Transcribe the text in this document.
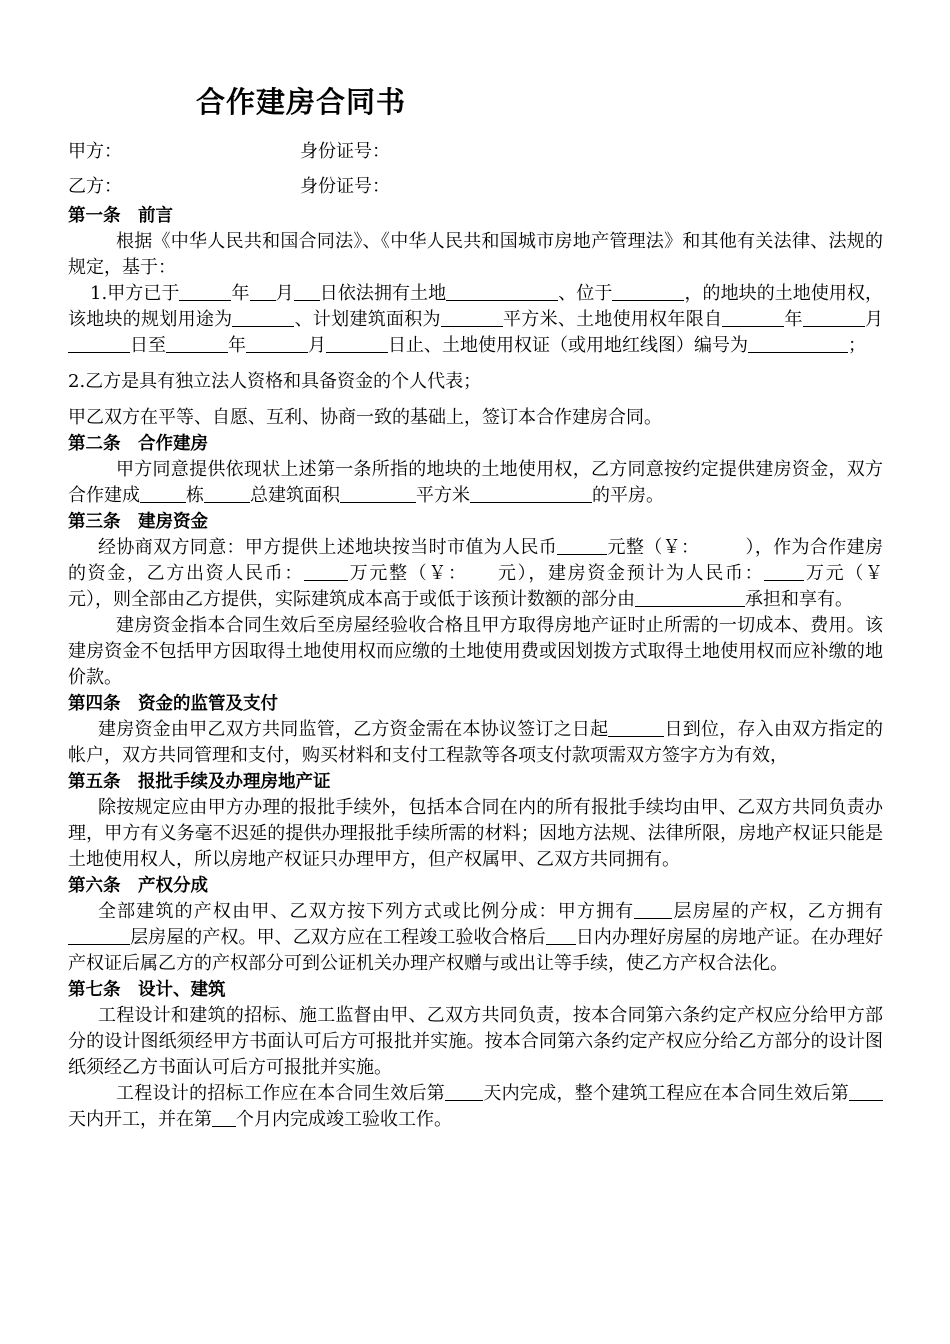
合作建房合同书
甲方：	身份证号：
乙方：	身份证号：

第一条　前言

根据《中华人民共和国合同法》、《中华人民共和国城市房地产管理法》和其他有关法律、法规的规定，基于：

1.甲方已于	年 月 日依法拥有土地	、位于	，的地块的土地使用权，该地块的规划用途为	、计划建筑面积为	平方米、土地使用权年限自	年	月日至	年	月	日止、土地使用权证（或用地红线图）编号为	；

2.乙方是具有独立法人资格和具备资金的个人代表；

甲乙双方在平等、自愿、互利、协商一致的基础上，签订本合作建房合同。

第二条　合作建房

甲方同意提供依现状上述第一条所指的地块的土地使用权，乙方同意按约定提供建房资金，双方合作建成	栋	总建筑面积	平方米	的平房。

第三条　建房资金

经协商双方同意：甲方提供上述地块按当时市值为人民币	元整（￥：　　　），作为合作建房的资金，乙方出资人民币： 万元整（￥：　　元），建房资金预计为人民币： 万元（￥　　　元），则全部由乙方提供，实际建筑成本高于或低于该预计数额的部分由	承担和享有。

建房资金指本合同生效后至房屋经验收合格且甲方取得房地产证时止所需的一切成本、费用。该建房资金不包括甲方因取得土地使用权而应缴的土地使用费或因划拨方式取得土地使用权而应补缴的地价款。

第四条　资金的监管及支付

建房资金由甲乙双方共同监管，乙方资金需在本协议签订之日起	日到位，存入由双方指定的帐户，双方共同管理和支付，购买材料和支付工程款等各项支付款项需双方签字方为有效，

第五条　报批手续及办理房地产证

除按规定应由甲方办理的报批手续外，包括本合同在内的所有报批手续均由甲、乙双方共同负责办理，甲方有义务毫不迟延的提供办理报批手续所需的材料；因地方法规、法律所限，房地产权证只能是土地使用权人，所以房地产权证只办理甲方，但产权属甲、乙双方共同拥有。

第六条　产权分成

全部建筑的产权由甲、乙双方按下列方式或比例分成：甲方拥有 层房屋的产权，乙方拥有层房屋的产权。甲、乙双方应在工程竣工验收合格后 日内办理好房屋的房地产证。在办理好产权证后属乙方的产权部分可到公证机关办理产权赠与或出让等手续，使乙方产权合法化。

第七条　设计、建筑

工程设计和建筑的招标、施工监督由甲、乙双方共同负责，按本合同第六条约定产权应分给甲方部分的设计图纸须经甲方书面认可后方可报批并实施。按本合同第六条约定产权应分给乙方部分的设计图纸须经乙方书面认可后方可报批并实施。

工程设计的招标工作应在本合同生效后第 天内完成，整个建筑工程应在本合同生效后第天内开工，并在第 个月内完成竣工验收工作。
